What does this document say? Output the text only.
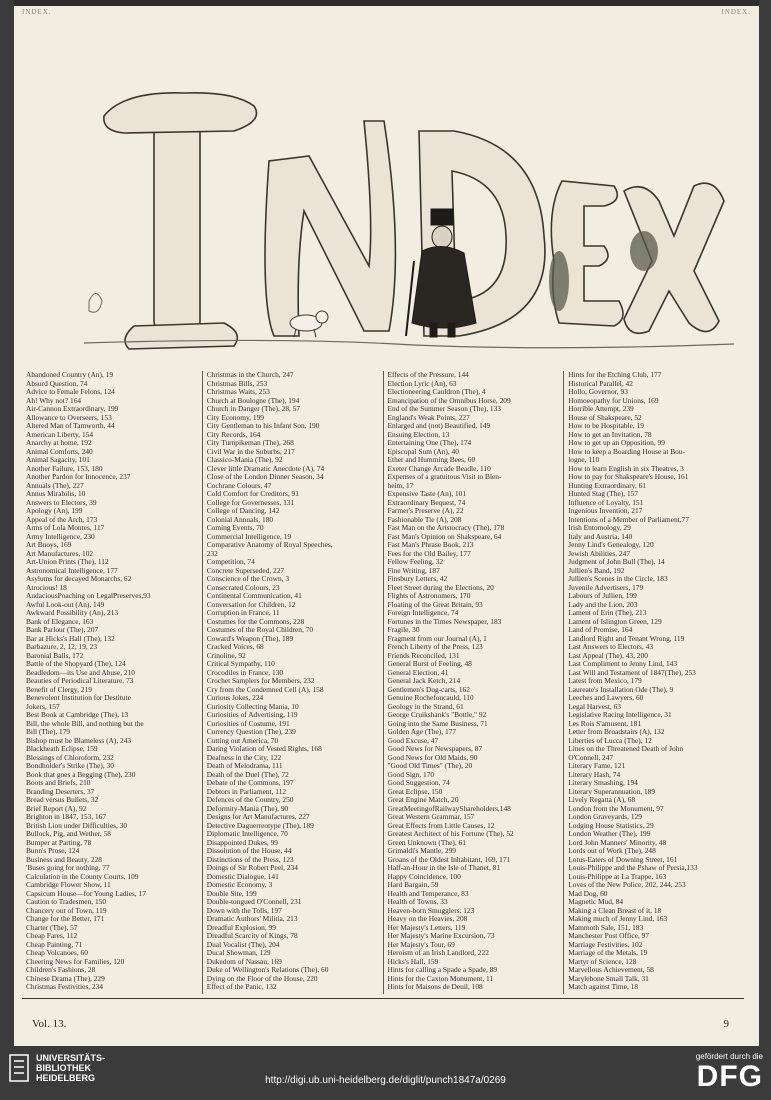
INDEX.	INDEX.
INDEX
Abandoned Country (An), 19
Absurd Question, 74
Advice to Female Felons, 124
Ah! Why not? 164
Air-Cannon Extraordinary, 199
Allowance to Overseers, 153
Altered Man of Tamworth, 44
American Liberty, 154
Anarchy at home, 192
Animal Comforts, 240
Animal Sagacity, 101
Another Failure, 153, 180
Another Pardon for Innocence, 237
Annuals (The), 227
Annus Mirabilis, 10
Answers to Electors, 39
Apology (An), 199
Appeal of the Arch, 173
Arms of Lola Montes, 117
Army Intelligence, 230
Art Buoys, 169
Art Manufactures, 102
Art-Union Prints (The), 112
Astronomical Intelligence, 177
Asylums for decayed Monarchs, 62
Atrocious! 18
AudaciousPoaching on LegalPreserves,93
Awful Look-out (An), 149
Awkward Possibility (An), 213
Bank of Elegance, 163
Bank Parlour (The), 207
Bar at Hicks's Hall (The), 132
Barbazure, 2, 12, 19, 23
Baronial Balls, 172
Battle of the Shopyard (The), 124
Beadledom—its Use and Abuse, 210
Beauties of Periodical Literature, 73
Benefit of Clergy, 219
Benevolent Institution for Destitute
Jokers, 157
Best Book at Cambridge (The), 13
Bill, the whole Bill, and nothing but the
Bill (The), 179
Bishop must be Blameless (A), 243
Blackheath Eclipse, 159
Blessings of Chloroform, 232
Bondholder's Strike (The), 30
Book that goes a Begging (The), 230
Boots and Briefs, 210
Branding Deserters, 37
Bread versus Bullets, 32
Brief Report (A), 92
Brighton in 1847, 153, 167
British Lion under Difficulties, 30
Bullock, Pig, and Wether, 58
Bumper at Parting, 78
Bunn's Prose, 124
Business and Beauty, 228
'Buses going for nothing, 77
Calculation in the County Courts, 109
Cambridge Flower Show, 11
Capsicum House—for Young Ladies, 17
Caution to Tradesmen, 150
Chancery out of Town, 119
Change for the Better, 171
Charter (The), 57
Cheap Fares, 112
Cheap Painting, 71
Cheap Volcanoes, 60
Cheering News for Families, 120
Children's Fashions, 28
Chinese Drama (The), 229
Christmas Festivities, 234
Christmas in the Church, 247
Christmas Bills, 253
Christmas Waits, 253
Church at Boulogne (The), 194
Church in Danger (The), 28, 57
City Economy, 199
City Gentleman to his Infant Son, 190
City Records, 164
City Turnpikeman (The), 268
Civil War in the Suburbs, 217
Classico-Mania (The), 92
Clever little Dramatic Anecdote (A), 74
Close of the London Dinner Season, 34
Cochrane Colours, 47
Cold Comfort for Creditors, 91
College for Governesses, 131
College of Dancing, 142
Colonial Annuals, 180
Coming Events, 70
Commercial Intelligence, 19
Comparative Anatomy of Royal Speeches,
232
Competition, 74
Concrete Superseded, 227
Conscience of the Crown, 3
Consecrated Colours, 23
Continental Communication, 41
Conversation for Children, 12
Corruption in France, 11
Costumes for the Commons, 228
Costumes of the Royal Children, 70
Coward's Weapon (The), 189
Cracked Voices, 68
Crinoline, 92
Critical Sympathy, 110
Crocodiles in France, 130
Crochet Samplers for Members, 232
Cry from the Condemned Cell (A), 158
Curious Jokes, 224
Curiosity Collecting Mania, 10
Curiosities of Advertising, 119
Curiosities of Costume, 191
Currency Question (The), 239
Cutting out America, 70
Daring Violation of Vested Rights, 168
Deafness in the City, 122
Death of Melodrama, 111
Death of the Duel (The), 72
Debate of the Commons, 197
Debtors in Parliament, 112
Defences of the Country, 250
Deformity-Mania (The), 90
Designs for Art Manufactures, 227
Detective Daguerreotype (The), 189
Diplomatic Intelligence, 70
Disappointed Dukes, 99
Dissolution of the House, 44
Distinctions of the Press, 123
Doings of Sir Robert Peel, 234
Domestic Dialogue, 141
Domestic Economy, 3
Double Site, 199
Double-tongued O'Connell, 231
Down with the Tolls, 197
Dramatic Authors' Militia, 213
Dreadful Explosion, 99
Dreadful Scarcity of Kings, 78
Dual Vocalist (The), 204
Ducal Showman, 129
Dukedom of Nassau, 169
Duke of Wellington's Relations (The), 60
Dying on the Floor of the House, 220
Effect of the Panic, 132
Effects of the Pressure, 144
Election Lyric (An), 63
Electioneering Cauldron (The), 4
Emancipation of the Omnibus Horse, 209
End of the Summer Season (The), 133
England's Weak Points, 227
Enlarged and (not) Beautified, 149
Ensuing Election, 13
Entertaining One (The), 174
Episcopal Sum (An), 40
Ether and Humming Bees, 60
Exeter Change Arcade Beadle, 110
Expenses of a gratuitous Visit to Blen-
heim, 17
Expensive Taste (An), 101
Extraordinary Bequest, 74
Farmer's Preserve (A), 22
Fashionable Tie (A), 208
Fast Man on the Aristocracy (The), 178
Fast Man's Opinion on Shakspeare, 64
Fast Man's Phrase Book, 213
Fees for the Old Bailey, 177
Fellow Feeling, 32
Fine Writing, 187
Finsbury Letters, 42
Fleet Street during the Elections, 20
Flights of Astronomers, 170
Floating of the Great Britain, 93
Foreign Intelligence, 74
Fortunes in the Times Newspaper, 183
Fragile, 30
Fragment from our Journal (A), 1
French Liberty of the Press, 123
Friends Reconciled, 131
General Burst of Feeling, 48
General Election, 41
General Jack Ketch, 214
Gentlemen's Dog-carts, 162
Genuine Rochefoucauld, 110
Geology in the Strand, 61
George Cruikshank's "Bottle," 92
Going into the Same Business, 71
Golden Age (The), 177
Good Excuse, 47
Good News for Newspapers, 87
Good News for Old Maids, 90
"Good Old Times" (The), 20
Good Sign, 170
Good Suggestion, 74
Great Eclipse, 150
Great Engine Match, 20
GreatMeetingofRailwayShareholders,148
Great Western Grammar, 157
Great Effects from Little Causes, 12
Greatest Architect of his Fortune (The), 52
Green Unknown (The), 61
Grimaldi's Mantle, 299
Groans of the Oldest Inhabitant, 169, 171
Half-an-Hour in the Isle of Thanet, 81
Happy Coincidence, 100
Hard Bargain, 59
Health and Temperance, 83
Health of Towns, 33
Heaven-born Smugglers, 123
Heavy on the Heavies, 208
Her Majesty's Letters, 119
Her Majesty's Marine Excursion, 73
Her Majesty's Tour, 69
Heroism of an Irish Landlord, 222
Hicks's Hall, 159
Hints for calling a Spade a Spade, 89
Hints for the Caxton Monument, 11
Hints for Maisons de Deuil, 108
Hints for the Etching Club, 177
Historical Parallel, 42
Hollo, Governor, 93
Homoeopathy for Unions, 169
Horrible Attempt, 239
House of Shakspeare, 52
How to be Hospitable, 19
How to get an Invitation, 78
How to get up an Opposition, 99
How to keep a Boarding House at Bou-
logne, 110
How to learn English in six Theatres, 3
How to pay for Shakspeare's House, 161
Hunting Extraordinary, 61
Hunted Stag (The), 157
Influence of Loyalty, 151
Ingenious Invention, 217
Intentions of a Member of Parliament,77
Irish Entomology, 29
Italy and Austria, 140
Jenny Lind's Genealogy, 120
Jewish Abilities, 247
Judgment of John Bull (The), 14
Jullien's Band, 192
Jullien's Scenes in the Circle, 183
Juvenile Advertisers, 179
Labours of Jullien, 199
Lady and the Lion, 203
Lament of Erin (The), 213
Lament of Islington Green, 129
Land of Promise, 164
Landlord Right and Tenant Wrong, 119
Last Answers to Electors, 43
Last Appeal (The), 43, 200
Last Compliment to Jenny Lind, 143
Last Will and Testament of 1847(The), 253
Latest from Mexico, 179
Laureate's Installation Ode (The), 9
Leeches and Lawyers, 60
Legal Harvest, 63
Legislative Racing Intelligence, 31
Les Rois S'amusent, 181
Letter from Broadstairs (A), 132
Liberties of Lucca (The), 12
Lines on the Threatened Death of John
O'Connell, 247
Literary Fame, 121
Literary Hash, 74
Literary Smashing, 194
Literary Superannuation, 189
Lively Regatta (A), 68
London from the Monument, 97
London Graveyards, 129
Lodging House Statistics, 29
London Weather (The), 199
Lord John Manners' Minority, 48
Lords out of Work (The), 248
Lotus-Eaters of Downing Street, 161
Louis-Philippe and the Pshaw of Persia,133
Louis-Philippe at La Trappe, 163
Loves of the New Police, 202, 244, 253
Mad Dog, 60
Magnetic Mud, 84
Making a Clean Breast of it, 18
Making much of Jenny Lind, 163
Mammoth Sale, 151, 183
Manchester Post Office, 97
Marriage Festivities, 102
Marriage of the Metals, 19
Martyr of Science, 128
Marvellous Achievement, 58
Marylebone Small Talk, 31
Match against Time, 18
Vol. 13.	9
UNIVERSITÄTS-
BIBLIOTHEK
HEIDELBERG	http://digi.ub.uni-heidelberg.de/diglit/punch1847a/0269
gefördert durch die
DFG
